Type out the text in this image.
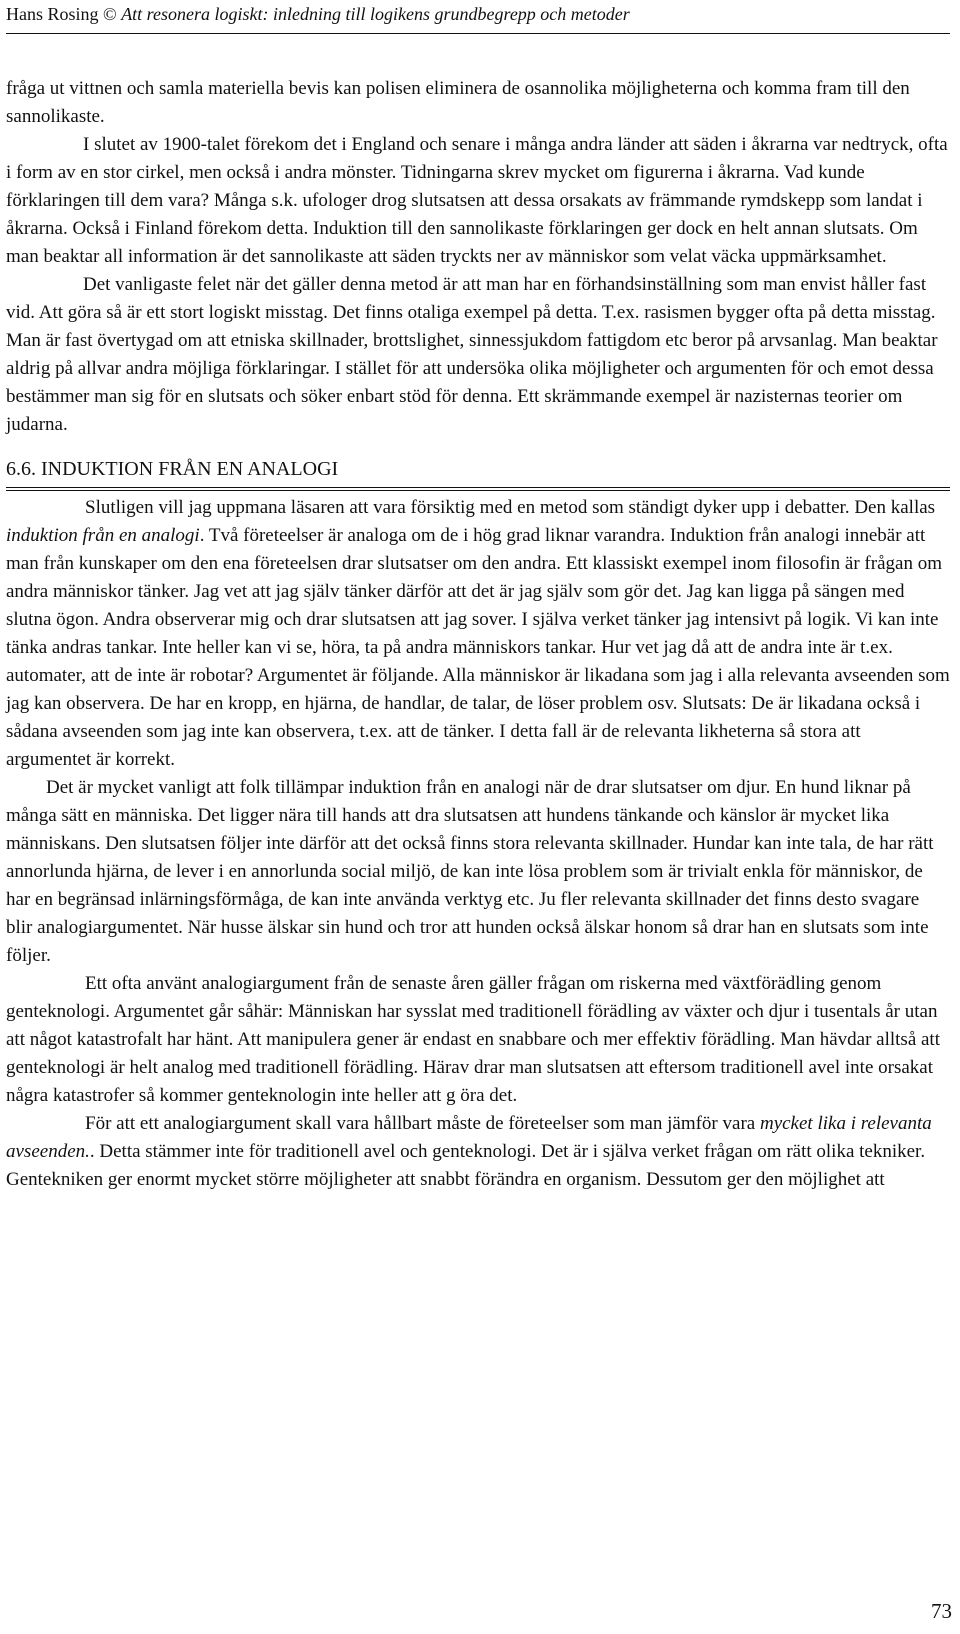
Hans Rosing © Att resonera logiskt: inledning till logikens grundbegrepp och metoder

fråga ut vittnen och samla materiella bevis kan polisen eliminera de osannolika möjligheterna och komma fram till den sannolikaste.

I slutet av 1900-talet förekom det i England och senare i många andra länder att säden i åkrarna var nedtryck, ofta i form av en stor cirkel, men också i andra mönster. Tidningarna skrev mycket om figurerna i åkrarna. Vad kunde förklaringen till dem vara? Många s.k. ufologer drog slutsatsen att dessa orsakats av främmande rymdskepp som landat i åkrarna. Också i Finland förekom detta. Induktion till den sannolikaste förklaringen ger dock en helt annan slutsats. Om man beaktar all information är det sannolikaste att säden tryckts ner av människor som velat väcka uppmärksamhet.

Det vanligaste felet när det gäller denna metod är att man har en förhandsinställning som man envist håller fast vid. Att göra så är ett stort logiskt misstag. Det finns otaliga exempel på detta. T.ex. rasismen bygger ofta på detta misstag. Man är fast övertygad om att etniska skillnader, brottslighet, sinnessjukdom fattigdom etc beror på arvsanlag. Man beaktar aldrig på allvar andra möjliga förklaringar. I stället för att undersöka olika möjligheter och argumenten för och emot dessa bestämmer man sig för en slutsats och söker enbart stöd för denna. Ett skrämmande exempel är nazisternas teorier om judarna.

6.6. INDUKTION FRÅN EN ANALOGI

Slutligen vill jag uppmana läsaren att vara försiktig med en metod som ständigt dyker upp i debatter. Den kallas induktion från en analogi. Två företeelser är analoga om de i hög grad liknar varandra. Induktion från analogi innebär att man från kunskaper om den ena företeelsen drar slutsatser om den andra. Ett klassiskt exempel inom filosofin är frågan om andra människor tänker. Jag vet att jag själv tänker därför att det är jag själv som gör det. Jag kan ligga på sängen med slutna ögon. Andra observerar mig och drar slutsatsen att jag sover. I själva verket tänker jag intensivt på logik. Vi kan inte tänka andras tankar. Inte heller kan vi se, höra, ta på andra människors tankar. Hur vet jag då att de andra inte är t.ex. automater, att de inte är robotar? Argumentet är följande. Alla människor är likadana som jag i alla relevanta avseenden som jag kan observera. De har en kropp, en hjärna, de handlar, de talar, de löser problem osv. Slutsats: De är likadana också i sådana avseenden som jag inte kan observera, t.ex. att de tänker. I detta fall är de relevanta likheterna så stora att argumentet är korrekt.

Det är mycket vanligt att folk tillämpar induktion från en analogi när de drar slutsatser om djur. En hund liknar på många sätt en människa. Det ligger nära till hands att dra slutsatsen att hundens tänkande och känslor är mycket lika människans. Den slutsatsen följer inte därför att det också finns stora relevanta skillnader. Hundar kan inte tala, de har rätt annorlunda hjärna, de lever i en annorlunda social miljö, de kan inte lösa problem som är trivialt enkla för människor, de har en begränsad inlärningsförmåga, de kan inte använda verktyg etc. Ju fler relevanta skillnader det finns desto svagare blir analogiargumentet. När husse älskar sin hund och tror att hunden också älskar honom så drar han en slutsats som inte följer.

Ett ofta använt analogiargument från de senaste åren gäller frågan om riskerna med växtförädling genom genteknologi. Argumentet går såhär: Människan har sysslat med traditionell förädling av växter och djur i tusentals år utan att något katastrofalt har hänt. Att manipulera gener är endast en snabbare och mer effektiv förädling. Man hävdar alltså att genteknologi är helt analog med traditionell förädling. Härav drar man slutsatsen att eftersom traditionell avel inte orsakat några katastrofer så kommer genteknologin inte heller att g öra det.

För att ett analogiargument skall vara hållbart måste de företeelser som man jämför vara mycket lika i relevanta avseenden.. Detta stämmer inte för traditionell avel och genteknologi. Det är i själva verket frågan om rätt olika tekniker. Gentekniken ger enormt mycket större möjligheter att snabbt förändra en organism. Dessutom ger den möjlighet att

73
